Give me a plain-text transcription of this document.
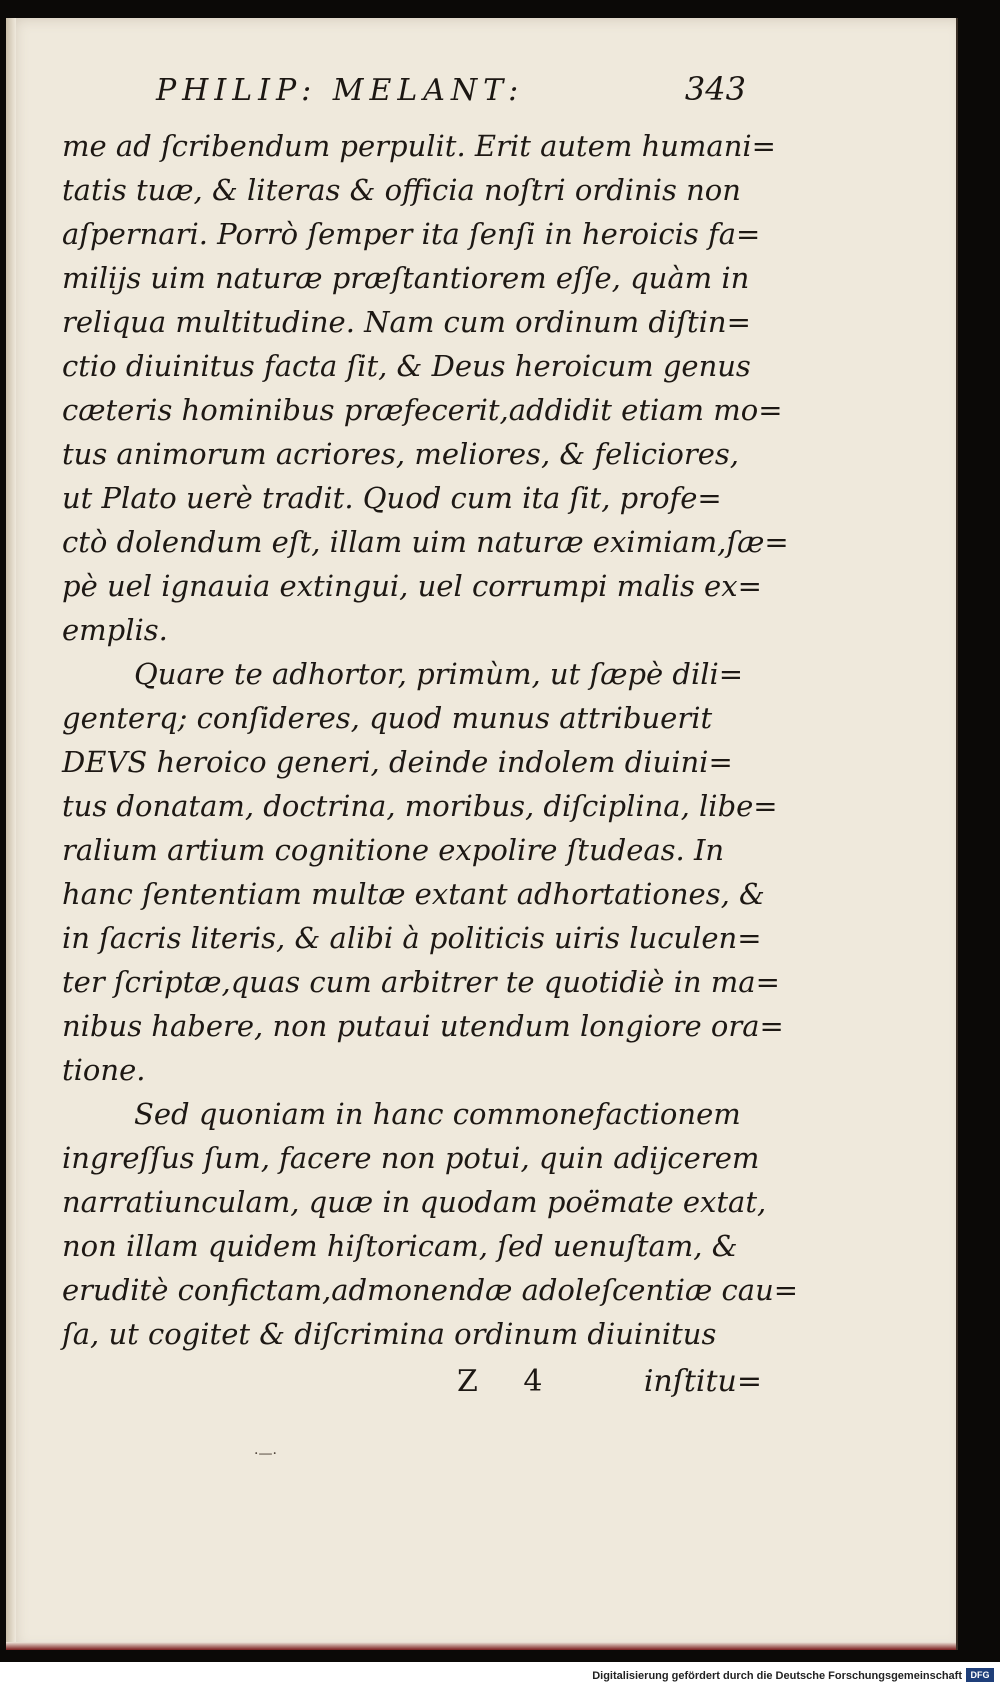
PHILIP: MELANT:	343
me ad ſcribendum perpulit. Erit autem humani=
tatis tuæ, & literas & officia noſtri ordinis non
aſpernari. Porrò ſemper ita ſenſi in heroicis fa=
milijs uim naturæ præſtantiorem eſſe, quàm in
reliqua multitudine. Nam cum ordinum diſtin=
ctio diuinitus facta ſit, & Deus heroicum genus
cæteris hominibus præfecerit,addidit etiam mo=
tus animorum acriores, meliores, & feliciores,
ut Plato uerè tradit. Quod cum ita ſit, profe=
ctò dolendum eſt, illam uim naturæ eximiam,ſæ=
pè uel ignauia extingui, uel corrumpi malis ex=
emplis.
Quare te adhortor, primùm, ut ſæpè dili=
genterq; conſideres, quod munus attribuerit
DEVS heroico generi, deinde indolem diuini=
tus donatam, doctrina, moribus, diſciplina, libe=
ralium artium cognitione expolire ſtudeas. In
hanc ſententiam multæ extant adhortationes, &
in ſacris literis, & alibi à politicis uiris luculen=
ter ſcriptæ,quas cum arbitrer te quotidiè in ma=
nibus habere, non putaui utendum longiore ora=
tione.
Sed quoniam in hanc commonefactionem
ingreſſus ſum, facere non potui, quin adijcerem
narratiunculam, quæ in quodam poëmate extat,
non illam quidem hiſtoricam, ſed uenuſtam, &
eruditè confictam,admonendæ adoleſcentiæ cau=
ſa, ut cogitet & diſcrimina ordinum diuinitus
Z 4	inſtitu=
·—·
Digitalisierung gefördert durch die Deutsche Forschungsgemeinschaft DFG
